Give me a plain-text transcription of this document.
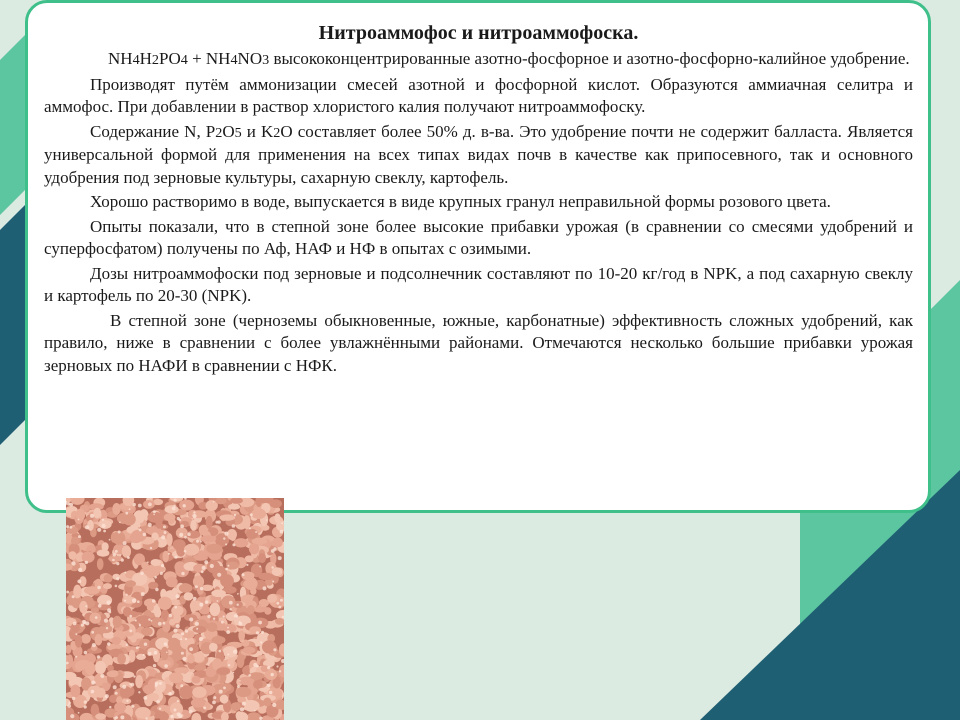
Нитроаммофос и нитроаммофоска.

NH4H2PO4 + NH4NO3 высококонцентрированные азотно-фосфорное и азотно-фосфорно-калийное удобрение.

Производят путём аммонизации смесей азотной и фосфорной кислот. Образуются аммиачная селитра и аммофос. При добавлении в раствор хлористого калия получают нитроаммофоску.

Содержание N, P2O5 и K2O составляет более 50% д. в-ва. Это удобрение почти не содержит балласта. Является универсальной формой для применения на всех типах видах почв в качестве как припосевного, так и основного удобрения под зерновые культуры, сахарную свеклу, картофель.

Хорошо растворимо в воде, выпускается в виде крупных гранул неправильной формы розового цвета.

Опыты показали, что в степной зоне более высокие прибавки урожая (в сравнении со смесями удобрений и суперфосфатом) получены по Аф, НАФ и НФ в опытах с озимыми.

Дозы нитроаммофоски под зерновые и подсолнечник составляют по 10-20 кг/год в NPK, а под сахарную свеклу и картофель по 20-30 (NPK).

В степной зоне (черноземы обыкновенные, южные, карбонатные) эффективность сложных удобрений, как правило, ниже в сравнении с более увлажнёнными районами. Отмечаются несколько большие прибавки урожая зерновых по НАФИ в сравнении с НФК.
